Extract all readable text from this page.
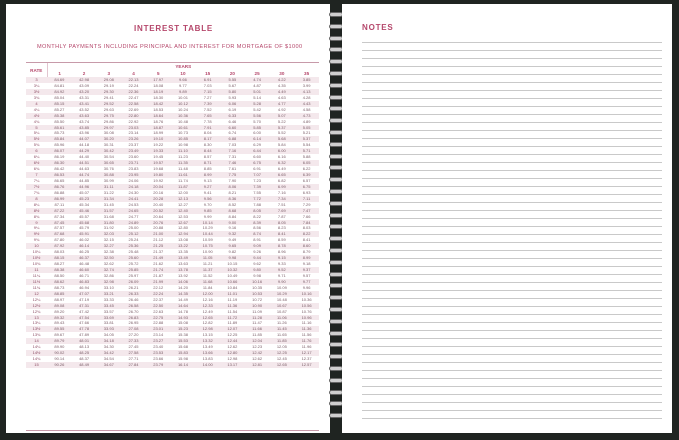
INTEREST TABLE
MONTHLY PAYMENTS INCLUDING PRINCIPAL AND INTEREST FOR MORTGAGE OF $1000
RATE	YEARS										
	1	2	3	4	5	10	15	20	25	30	35
3	84.69	42.98	29.08	22.13	17.97	9.66	6.91	5.55	4.74	4.22	3.85
3¼	84.81	43.09	29.19	22.24	18.08	9.77	7.03	5.67	4.87	4.35	3.99
3½	84.92	43.20	29.30	22.36	18.19	9.89	7.15	5.80	5.01	4.49	4.13
3¾	85.04	43.31	29.41	22.47	18.30	10.01	7.27	5.93	5.14	4.63	4.28
4	85.15	43.41	29.52	22.58	18.42	10.12	7.39	6.06	5.28	4.77	4.43
4¼	85.27	43.52	29.63	22.69	18.53	10.24	7.52	6.19	5.42	4.92	4.58
4½	85.38	43.63	29.75	22.80	18.64	10.36	7.65	6.33	5.56	5.07	4.73
4¾	85.50	43.74	29.86	22.92	18.76	10.48	7.78	6.46	5.70	5.22	4.89
5	85.61	43.85	29.97	23.03	18.87	10.61	7.91	6.60	5.85	5.37	5.05
5¼	85.73	43.96	30.08	23.14	18.99	10.73	8.04	6.74	6.00	5.52	5.21
5½	85.84	44.07	30.20	23.26	19.10	10.85	8.17	6.88	6.14	5.68	5.37
5¾	85.96	44.18	30.31	23.37	19.22	10.98	8.30	7.03	6.29	5.84	5.54
6	86.07	44.29	30.42	23.49	19.33	11.10	8.44	7.16	6.44	6.00	5.71
6¼	86.19	44.40	30.54	23.60	19.45	11.23	8.57	7.31	6.60	6.16	5.88
6½	86.30	44.51	30.65	23.71	19.57	11.35	8.71	7.46	6.75	6.32	6.05
6¾	86.42	44.63	30.76	23.83	19.68	11.48	8.85	7.61	6.91	6.49	6.22
7	86.53	44.74	30.88	23.95	19.80	11.61	8.99	7.75	7.07	6.65	6.39
7¼	86.65	44.85	30.99	24.06	19.92	11.74	9.13	7.90	7.23	6.82	6.57
7½	86.76	44.96	31.11	24.18	20.04	11.87	9.27	8.06	7.39	6.99	6.75
7¾	86.88	45.07	31.22	24.30	20.16	12.00	9.41	8.21	7.55	7.16	6.93
8	86.99	45.23	31.34	24.41	20.28	12.13	9.56	8.36	7.72	7.34	7.11
8¼	87.11	45.34	31.45	24.53	20.40	12.27	9.70	8.52	7.88	7.51	7.29
8½	87.22	45.46	31.57	24.65	20.52	12.40	9.85	8.68	8.05	7.69	7.47
8¾	87.34	45.57	31.68	24.77	20.64	12.53	9.99	8.84	8.22	7.87	7.66
9	87.45	45.68	31.80	24.89	20.76	12.67	10.14	9.00	8.39	8.05	7.84
9¼	87.57	45.79	31.92	25.00	20.88	12.80	10.29	9.16	8.56	8.23	8.03
9½	87.68	45.91	32.03	25.12	21.00	12.94	10.44	9.32	8.74	8.41	8.22
9¾	87.80	46.02	32.15	25.24	21.12	13.08	10.59	9.49	8.91	8.59	8.41
10	87.92	46.14	32.27	25.36	21.25	13.22	10.75	9.65	9.09	8.78	8.60
10¼	88.03	46.25	32.38	25.48	21.37	13.35	10.90	9.82	9.26	8.96	8.79
10½	88.15	46.37	32.50	25.60	21.49	13.49	11.05	9.98	9.44	9.15	8.99
10¾	88.27	46.48	32.62	25.72	21.62	13.63	11.21	10.15	9.62	9.33	9.18
11	88.38	46.60	32.74	25.85	21.74	13.78	11.37	10.32	9.80	9.52	9.37
11¼	88.50	46.71	32.86	25.97	21.87	13.92	11.52	10.49	9.98	9.71	9.57
11½	88.62	46.83	32.98	26.09	21.99	14.06	11.68	10.66	10.16	9.90	9.77
11¾	88.73	46.94	33.10	26.21	22.12	14.20	11.84	10.84	10.35	10.09	9.96
12	88.85	47.07	33.21	26.33	22.24	14.35	12.00	11.01	10.53	10.29	10.16
12¼	88.97	47.19	33.33	26.46	22.37	14.49	12.16	11.19	10.72	10.48	10.36
12½	89.08	47.31	33.45	26.58	22.50	14.64	12.33	11.36	10.90	10.67	10.56
12¾	89.20	47.42	33.57	26.70	22.63	14.78	12.49	11.54	11.09	10.87	10.76
13	89.32	47.54	33.69	26.83	22.75	14.93	12.65	11.72	11.28	11.06	10.96
13¼	89.43	47.66	33.81	26.95	22.88	15.08	12.82	11.89	11.47	11.26	11.16
13½	89.55	47.78	33.93	27.08	23.01	15.23	12.98	12.07	11.66	11.45	11.36
13¾	89.67	47.89	34.05	27.20	23.14	15.38	13.15	12.25	11.85	11.65	11.56
14	89.79	48.01	34.18	27.33	23.27	15.53	13.32	12.44	12.04	11.85	11.76
14¼	89.90	48.13	34.30	27.45	23.40	15.68	13.49	12.62	12.23	12.05	11.96
14½	90.02	48.25	34.42	27.58	23.53	15.83	13.66	12.80	12.42	12.25	12.17
14¾	90.14	48.37	34.54	27.71	23.66	15.98	13.83	12.98	12.62	12.45	12.37
15	90.26	48.49	34.67	27.84	23.79	16.14	14.00	13.17	12.81	12.65	12.57
NOTES
